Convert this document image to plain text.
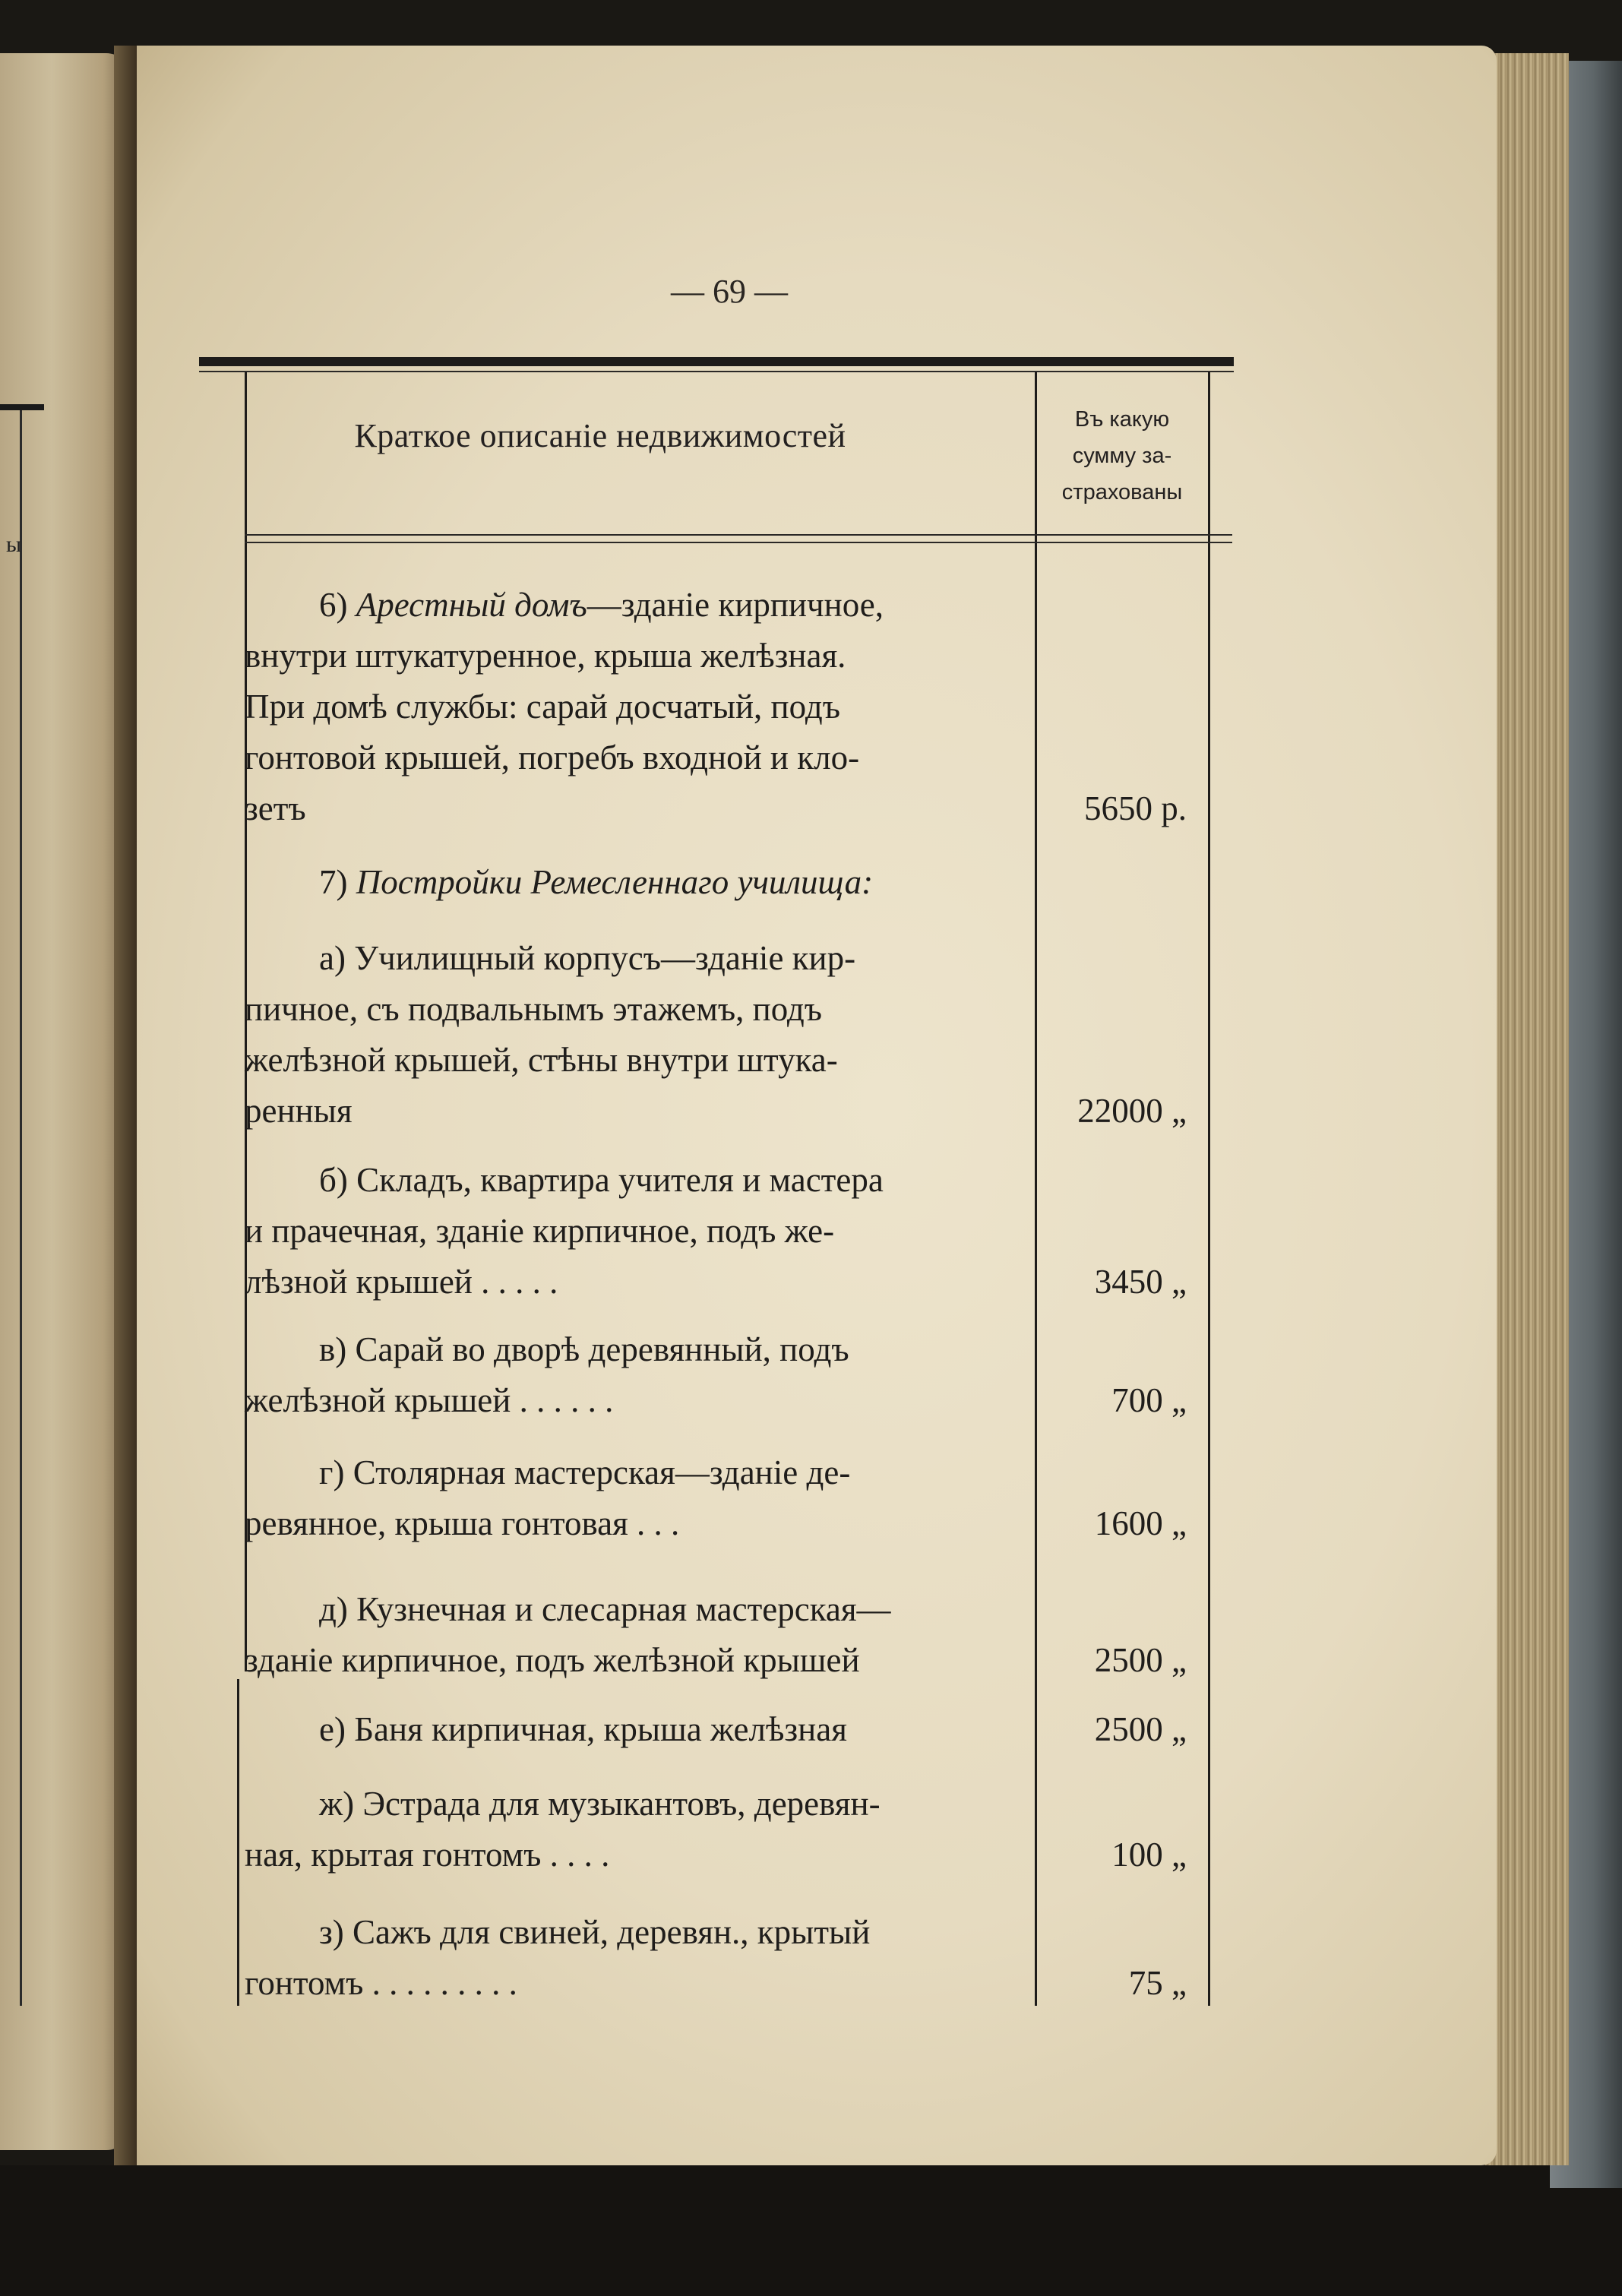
ы
— 69 —
Краткое описаніе недвижимостей	Въ какую
сумму за-
страхованы
6) Арестный домъ—зданіе кирпичное,
внутри штукатуренное, крыша желѣзная.
При домѣ службы: сарай досчатый, подъ
гонтовой крышей, погребъ входной и кло-
зетъ	5650 р.
7) Постройки Ремесленнаго училища:
а) Училищный корпусъ—зданіе кир-
пичное, съ подвальнымъ этажемъ, подъ
желѣзной крышей, стѣны внутри штука-
ренныя	22000 „
б) Складъ, квартира учителя и мастера
и прачечная, зданіе кирпичное, подъ же-
лѣзной крышей . . . . .	3450 „
в) Сарай во дворѣ деревянный, подъ
желѣзной крышей . . . . . .	700 „
г) Столярная мастерская—зданіе де-
ревянное, крыша гонтовая . . .	1600 „
д) Кузнечная и слесарная мастерская—
зданіе кирпичное, подъ желѣзной крышей	2500 „
е) Баня кирпичная, крыша желѣзная	2500 „
ж) Эстрада для музыкантовъ, деревян-
ная, крытая гонтомъ . . . .	100 „
з) Сажъ для свиней, деревян., крытый
гонтомъ . . . . . . . . .	75 „
